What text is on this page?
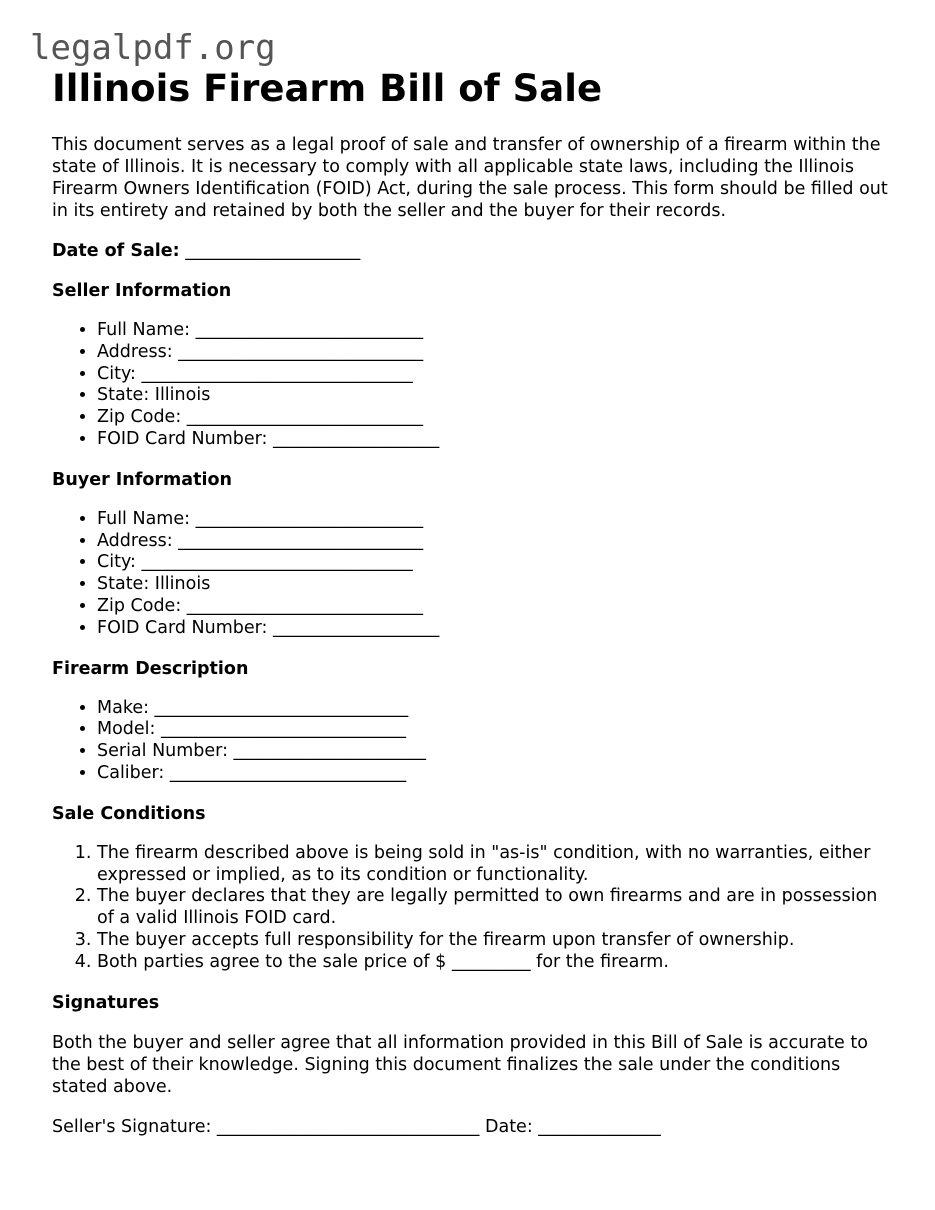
legalpdf.org
Illinois Firearm Bill of Sale

This document serves as a legal proof of sale and transfer of ownership of a firearm within the state of Illinois. It is necessary to comply with all applicable state laws, including the Illinois Firearm Owners Identification (FOID) Act, during the sale process. This form should be filled out in its entirety and retained by both the seller and the buyer for their records.

Date of Sale: ____________________
Seller Information
• Full Name: __________________________
• Address: ____________________________
• City: _______________________________
• State: Illinois
• Zip Code: ___________________________
• FOID Card Number: ___________________
Buyer Information
• Full Name: __________________________
• Address: ____________________________
• City: _______________________________
• State: Illinois
• Zip Code: ___________________________
• FOID Card Number: ___________________
Firearm Description
• Make: _____________________________
• Model: ____________________________
• Serial Number: ______________________
• Caliber: ___________________________
Sale Conditions
1. The firearm described above is being sold in "as-is" condition, with no warranties, either expressed or implied, as to its condition or functionality.
2. The buyer declares that they are legally permitted to own firearms and are in possession of a valid Illinois FOID card.
3. The buyer accepts full responsibility for the firearm upon transfer of ownership.
4. Both parties agree to the sale price of $ _________ for the firearm.
Signatures

Both the buyer and seller agree that all information provided in this Bill of Sale is accurate to the best of their knowledge. Signing this document finalizes the sale under the conditions stated above.

Seller's Signature: ______________________________ Date: ______________
